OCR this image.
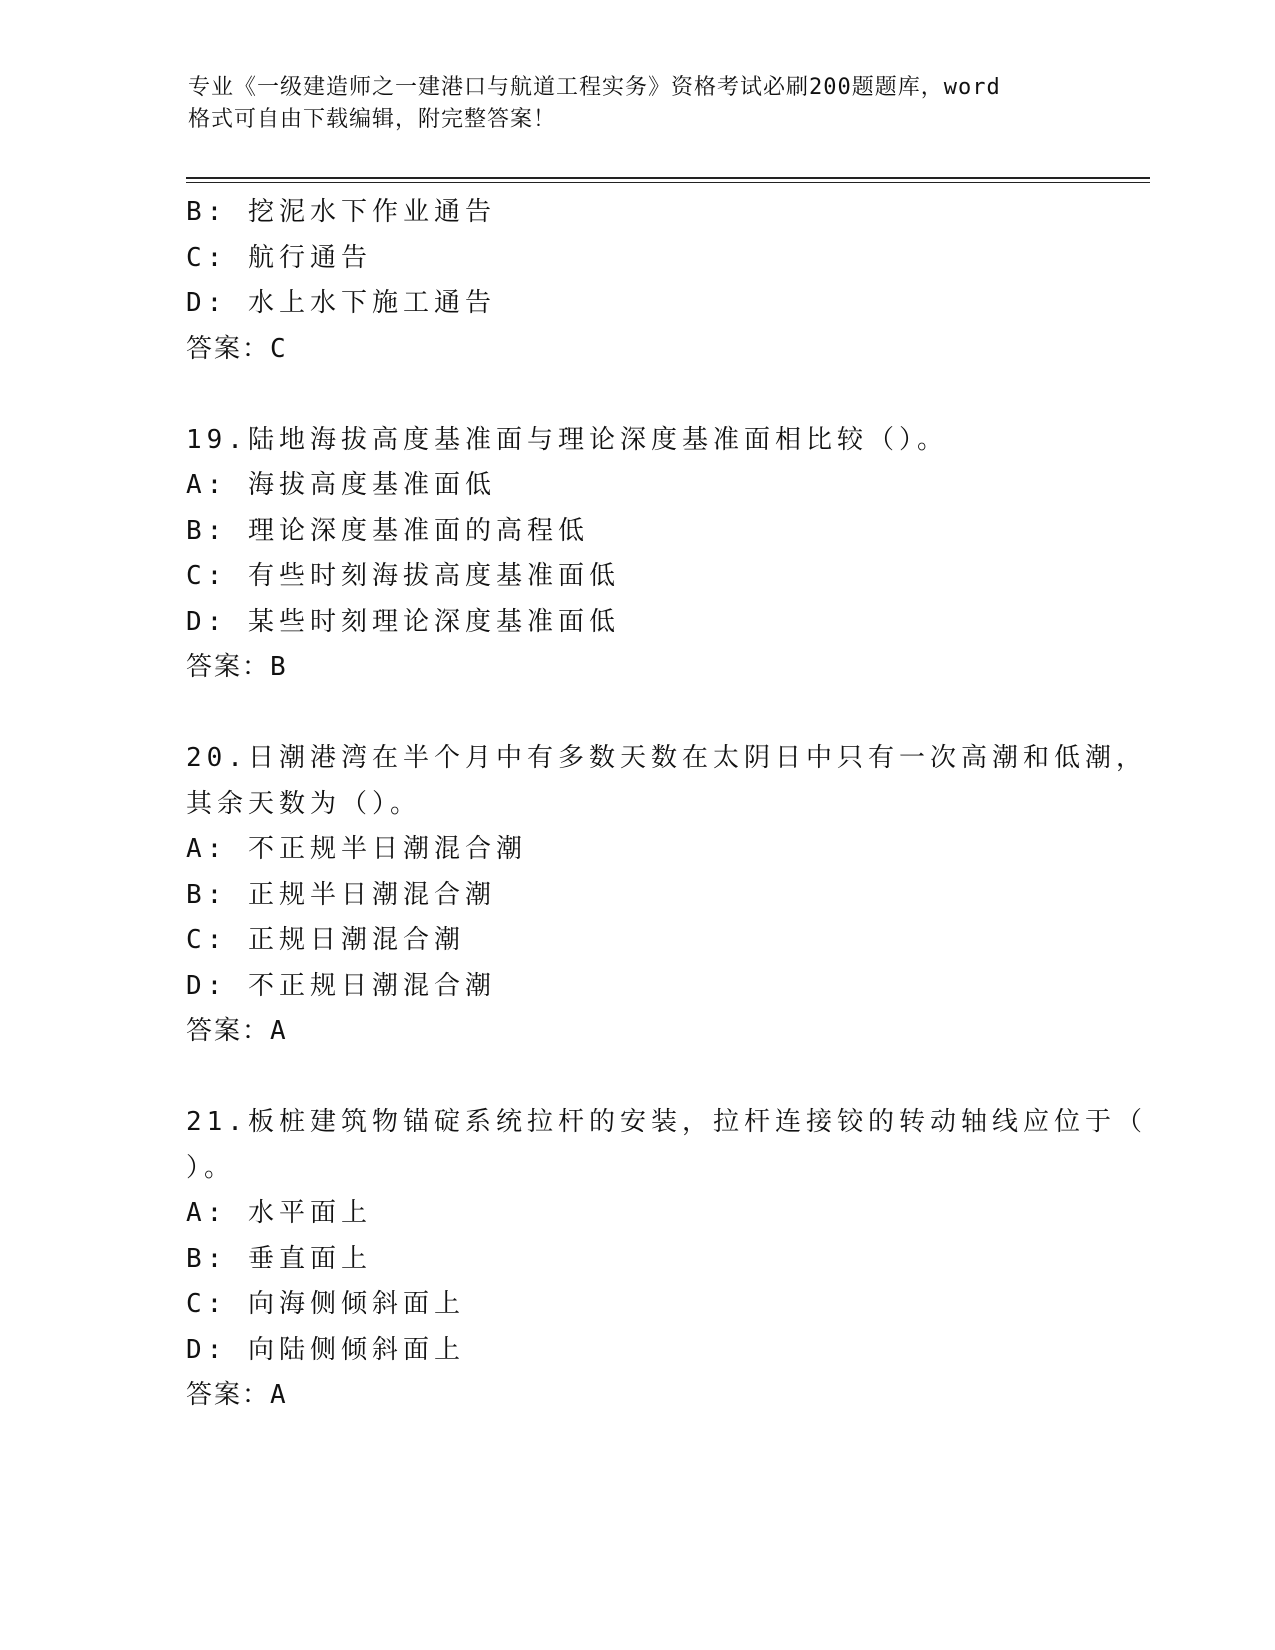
专业《一级建造师之一建港口与航道工程实务》资格考试必刷200题题库，word
格式可自由下载编辑，附完整答案！
B: 挖泥水下作业通告
C: 航行通告
D: 水上水下施工通告
答案：C
19.陆地海拔高度基准面与理论深度基准面相比较（）。
A: 海拔高度基准面低
B: 理论深度基准面的高程低
C: 有些时刻海拔高度基准面低
D: 某些时刻理论深度基准面低
答案：B
20.日潮港湾在半个月中有多数天数在太阴日中只有一次高潮和低潮，
其余天数为（）。
A: 不正规半日潮混合潮
B: 正规半日潮混合潮
C: 正规日潮混合潮
D: 不正规日潮混合潮
答案：A
21.板桩建筑物锚碇系统拉杆的安装，拉杆连接铰的转动轴线应位于（
）。
A: 水平面上
B: 垂直面上
C: 向海侧倾斜面上
D: 向陆侧倾斜面上
答案：A
